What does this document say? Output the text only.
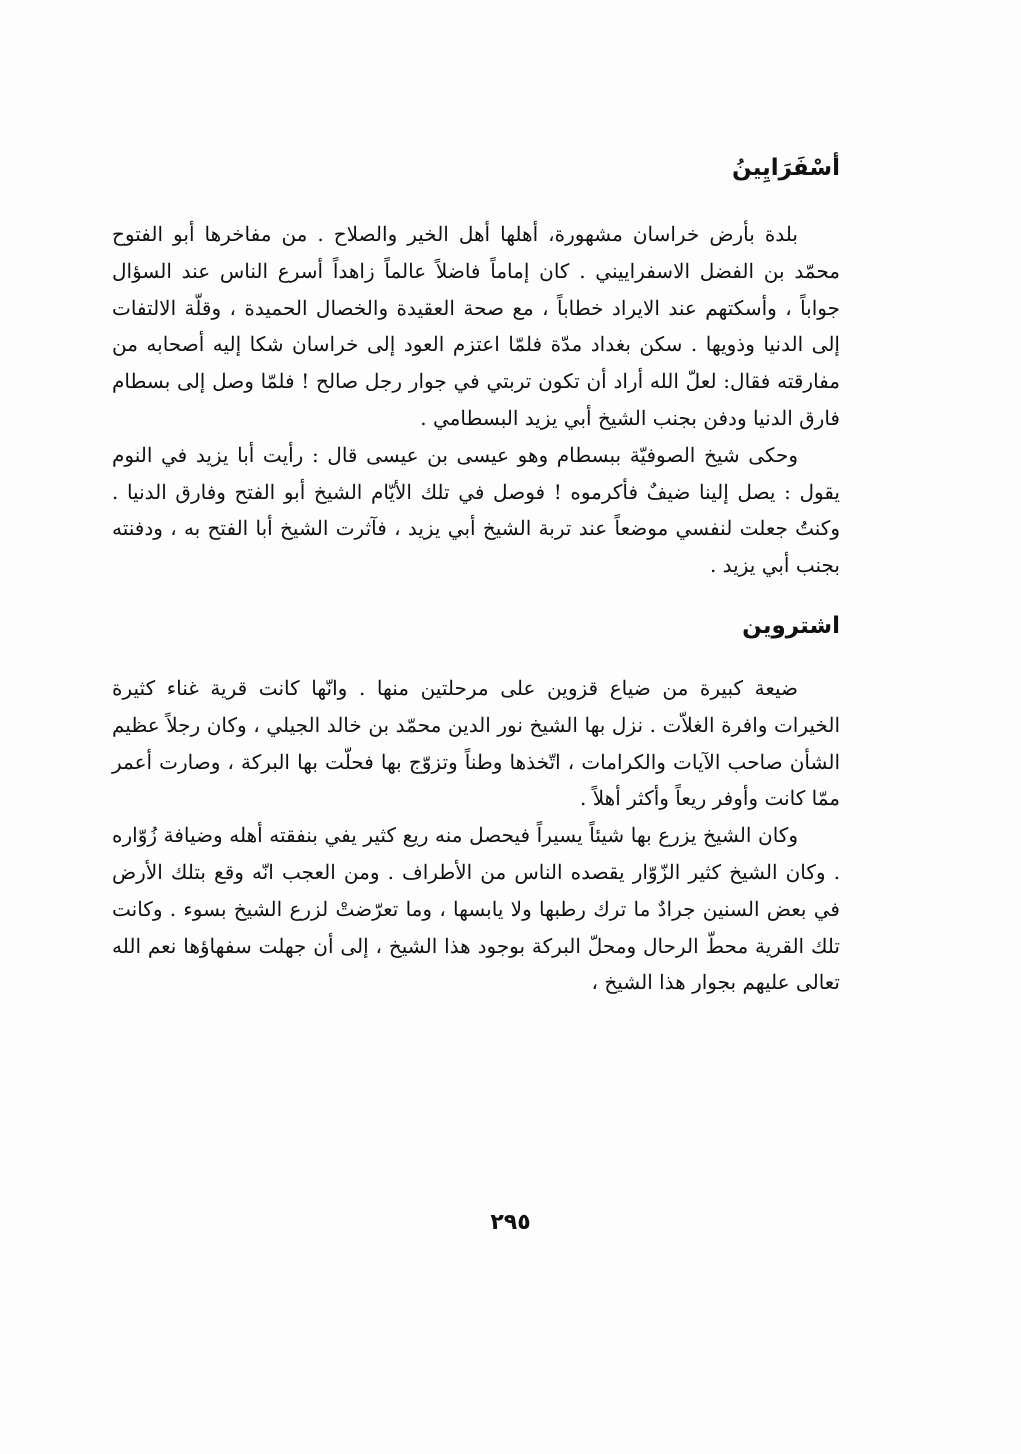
أسْفَرَايِينُ

بلدة بأرض خراسان مشهورة، أهلها أهل الخير والصلاح . من مفاخرها أبو الفتوح محمّد بن الفضل الاسفراييني . كان إماماً فاضلاً عالماً زاهداً أسرع الناس عند السؤال جواباً ، وأسكتهم عند الايراد خطاباً ، مع صحة العقيدة والخصال الحميدة ، وقلّة الالتفات إلى الدنيا وذويها . سكن بغداد مدّة فلمّا اعتزم العود إلى خراسان شكا إليه أصحابه من مفارقته فقال: لعلّ الله أراد أن تكون تربتي في جوار رجل صالح ! فلمّا وصل إلى بسطام فارق الدنيا ودفن بجنب الشيخ أبي يزيد البسطامي .

وحكى شيخ الصوفيّة ببسطام وهو عيسى بن عيسى قال : رأيت أبا يزيد في النوم يقول : يصل إلينا ضيفٌ فأكرموه ! فوصل في تلك الأيّام الشيخ أبو الفتح وفارق الدنيا . وكنتُ جعلت لنفسي موضعاً عند تربة الشيخ أبي يزيد ، فآثرت الشيخ أبا الفتح به ، ودفنته بجنب أبي يزيد .

اشتروين

ضيعة كبيرة من ضياع قزوين على مرحلتين منها . وانّها كانت قرية غناء كثيرة الخيرات وافرة الغلاّت . نزل بها الشيخ نور الدين محمّد بن خالد الجيلي ، وكان رجلاً عظيم الشأن صاحب الآيات والكرامات ، اتّخذها وطناً وتزوّج بها فحلّت بها البركة ، وصارت أعمر ممّا كانت وأوفر ريعاً وأكثر أهلاً .

وكان الشيخ يزرع بها شيئاً يسيراً فيحصل منه ريع كثير يفي بنفقته أهله وضيافة زُوّاره . وكان الشيخ كثير الزّوّار يقصده الناس من الأطراف . ومن العجب انّه وقع بتلك الأرض في بعض السنين جرادٌ ما ترك رطبها ولا يابسها ، وما تعرّضتْ لزرع الشيخ بسوء . وكانت تلك القرية محطّ الرحال ومحلّ البركة بوجود هذا الشيخ ، إلى أن جهلت سفهاؤها نعم الله تعالى عليهم بجوار هذا الشيخ ،

٢٩٥
